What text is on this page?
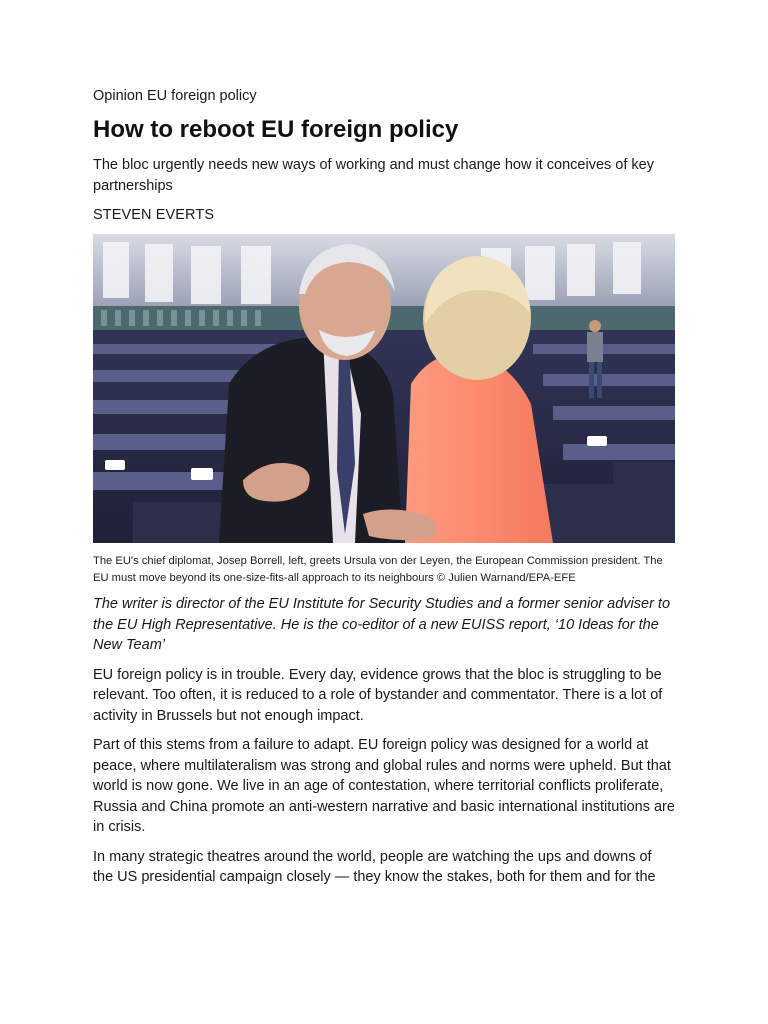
Opinion EU foreign policy
How to reboot EU foreign policy

The bloc urgently needs new ways of working and must change how it conceives of key partnerships

STEVEN EVERTS

The EU's chief diplomat, Josep Borrell, left, greets Ursula von der Leyen, the European Commission president. The EU must move beyond its one-size-fits-all approach to its neighbours © Julien Warnand/EPA-EFE

The writer is director of the EU Institute for Security Studies and a former senior adviser to the EU High Representative. He is the co-editor of a new EUISS report, ‘10 Ideas for the New Team’

EU foreign policy is in trouble. Every day, evidence grows that the bloc is struggling to be relevant. Too often, it is reduced to a role of bystander and commentator. There is a lot of activity in Brussels but not enough impact.

Part of this stems from a failure to adapt. EU foreign policy was designed for a world at peace, where multilateralism was strong and global rules and norms were upheld. But that world is now gone. We live in an age of contestation, where territorial conflicts proliferate, Russia and China promote an anti-western narrative and basic international institutions are in crisis.

In many strategic theatres around the world, people are watching the ups and downs of the US presidential campaign closely — they know the stakes, both for them and for the
